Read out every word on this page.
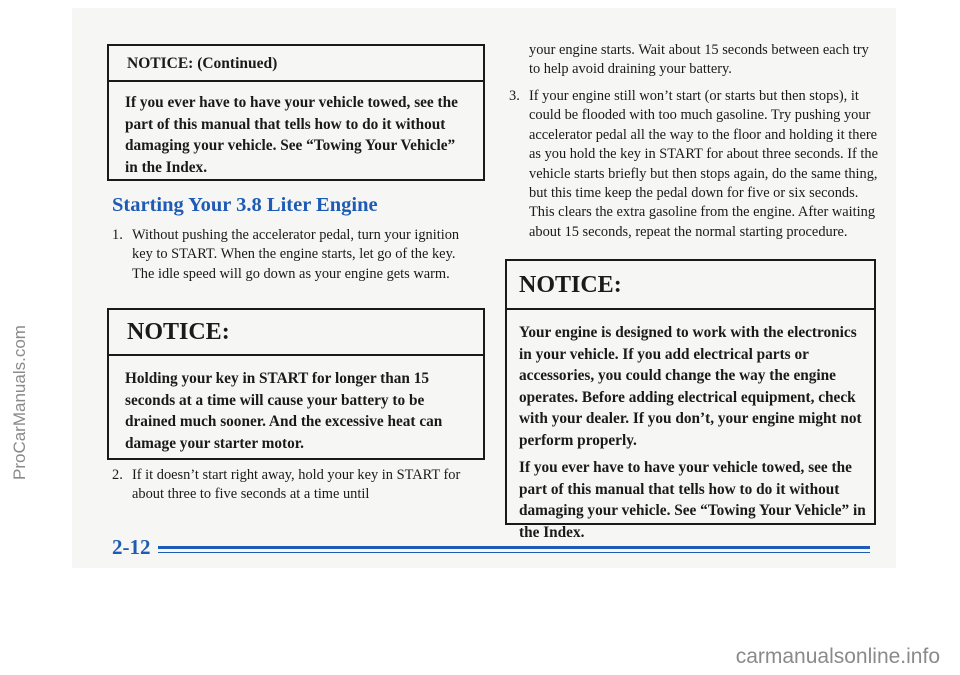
NOTICE: (Continued)

If you ever have to have your vehicle towed, see the part of this manual that tells how to do it without damaging your vehicle. See “Towing Your Vehicle” in the Index.

Starting Your 3.8 Liter Engine
1. Without pushing the accelerator pedal, turn your ignition key to START. When the engine starts, let go of the key. The idle speed will go down as your engine gets warm.
NOTICE:

Holding your key in START for longer than 15 seconds at a time will cause your battery to be drained much sooner. And the excessive heat can damage your starter motor.

2. If it doesn’t start right away, hold your key in START for about three to five seconds at a time until
your engine starts. Wait about 15 seconds between each try to help avoid draining your battery.
3. If your engine still won’t start (or starts but then stops), it could be flooded with too much gasoline. Try pushing your accelerator pedal all the way to the floor and holding it there as you hold the key in START for about three seconds. If the vehicle starts briefly but then stops again, do the same thing, but this time keep the pedal down for five or six seconds. This clears the extra gasoline from the engine. After waiting about 15 seconds, repeat the normal starting procedure.
NOTICE:

Your engine is designed to work with the electronics in your vehicle. If you add electrical parts or accessories, you could change the way the engine operates. Before adding electrical equipment, check with your dealer. If you don’t, your engine might not perform properly.

If you ever have to have your vehicle towed, see the part of this manual that tells how to do it without damaging your vehicle. See “Towing Your Vehicle” in the Index.

2-12
ProCarManuals.com
carmanualsonline.info
